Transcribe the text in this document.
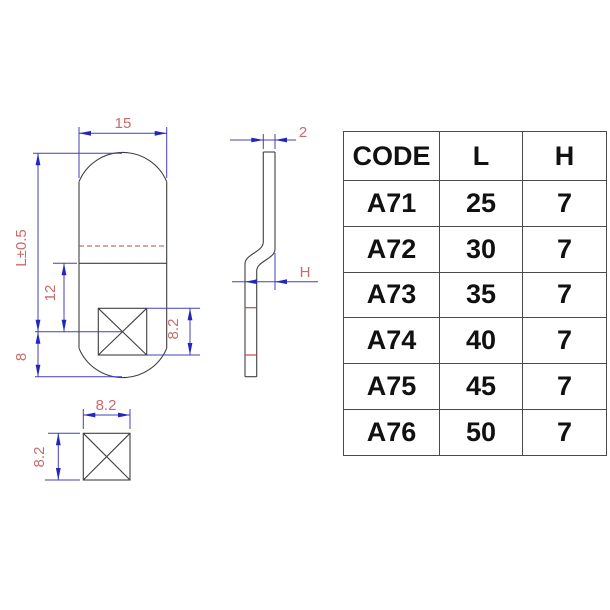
15
L±0.5
12
8
8.2
2
H
8.2
8.2
CODE	L	H
A71	25	7
A72	30	7
A73	35	7
A74	40	7
A75	45	7
A76	50	7
